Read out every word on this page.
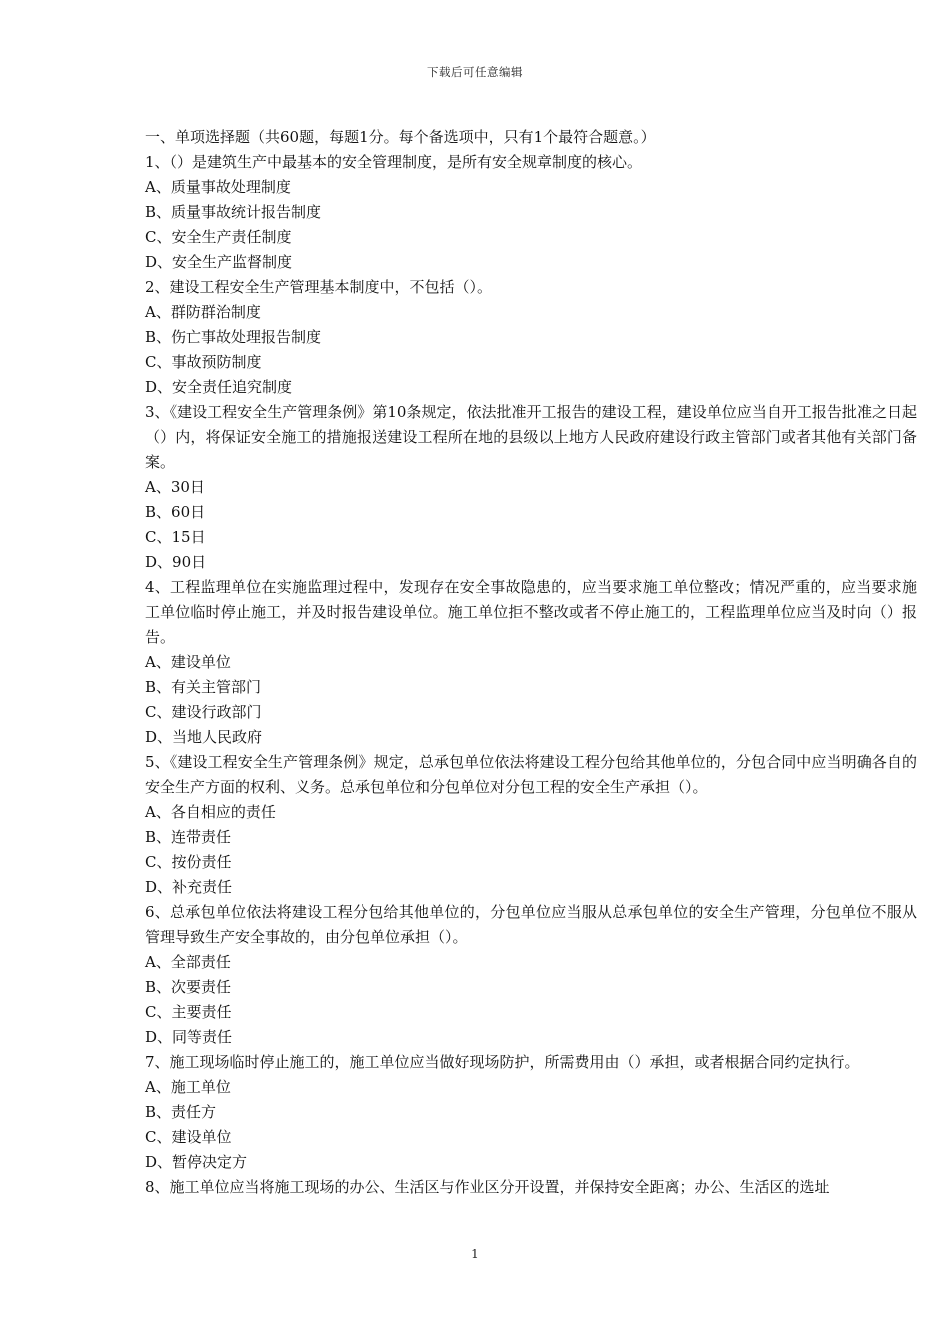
下载后可任意编辑

一、单项选择题（共60题，每题1分。每个备选项中，只有1个最符合题意。）

1、（）是建筑生产中最基本的安全管理制度，是所有安全规章制度的核心。

A、质量事故处理制度

B、质量事故统计报告制度

C、安全生产责任制度

D、安全生产监督制度

2、建设工程安全生产管理基本制度中，不包括（）。

A、群防群治制度

B、伤亡事故处理报告制度

C、事故预防制度

D、安全责任追究制度

3、《建设工程安全生产管理条例》第10条规定，依法批准开工报告的建设工程，建设单位应当自开工报告批准之日起（）内，将保证安全施工的措施报送建设工程所在地的县级以上地方人民政府建设行政主管部门或者其他有关部门备案。

A、30日

B、60日

C、15日

D、90日

4、工程监理单位在实施监理过程中，发现存在安全事故隐患的，应当要求施工单位整改；情况严重的，应当要求施工单位临时停止施工，并及时报告建设单位。施工单位拒不整改或者不停止施工的，工程监理单位应当及时向（）报告。

A、建设单位

B、有关主管部门

C、建设行政部门

D、当地人民政府

5、《建设工程安全生产管理条例》规定，总承包单位依法将建设工程分包给其他单位的，分包合同中应当明确各自的安全生产方面的权利、义务。总承包单位和分包单位对分包工程的安全生产承担（）。

A、各自相应的责任

B、连带责任

C、按份责任

D、补充责任

6、总承包单位依法将建设工程分包给其他单位的，分包单位应当服从总承包单位的安全生产管理，分包单位不服从管理导致生产安全事故的，由分包单位承担（）。

A、全部责任

B、次要责任

C、主要责任

D、同等责任

7、施工现场临时停止施工的，施工单位应当做好现场防护，所需费用由（）承担，或者根据合同约定执行。

A、施工单位

B、责任方

C、建设单位

D、暂停决定方

8、施工单位应当将施工现场的办公、生活区与作业区分开设置，并保持安全距离；办公、生活区的选址

1
